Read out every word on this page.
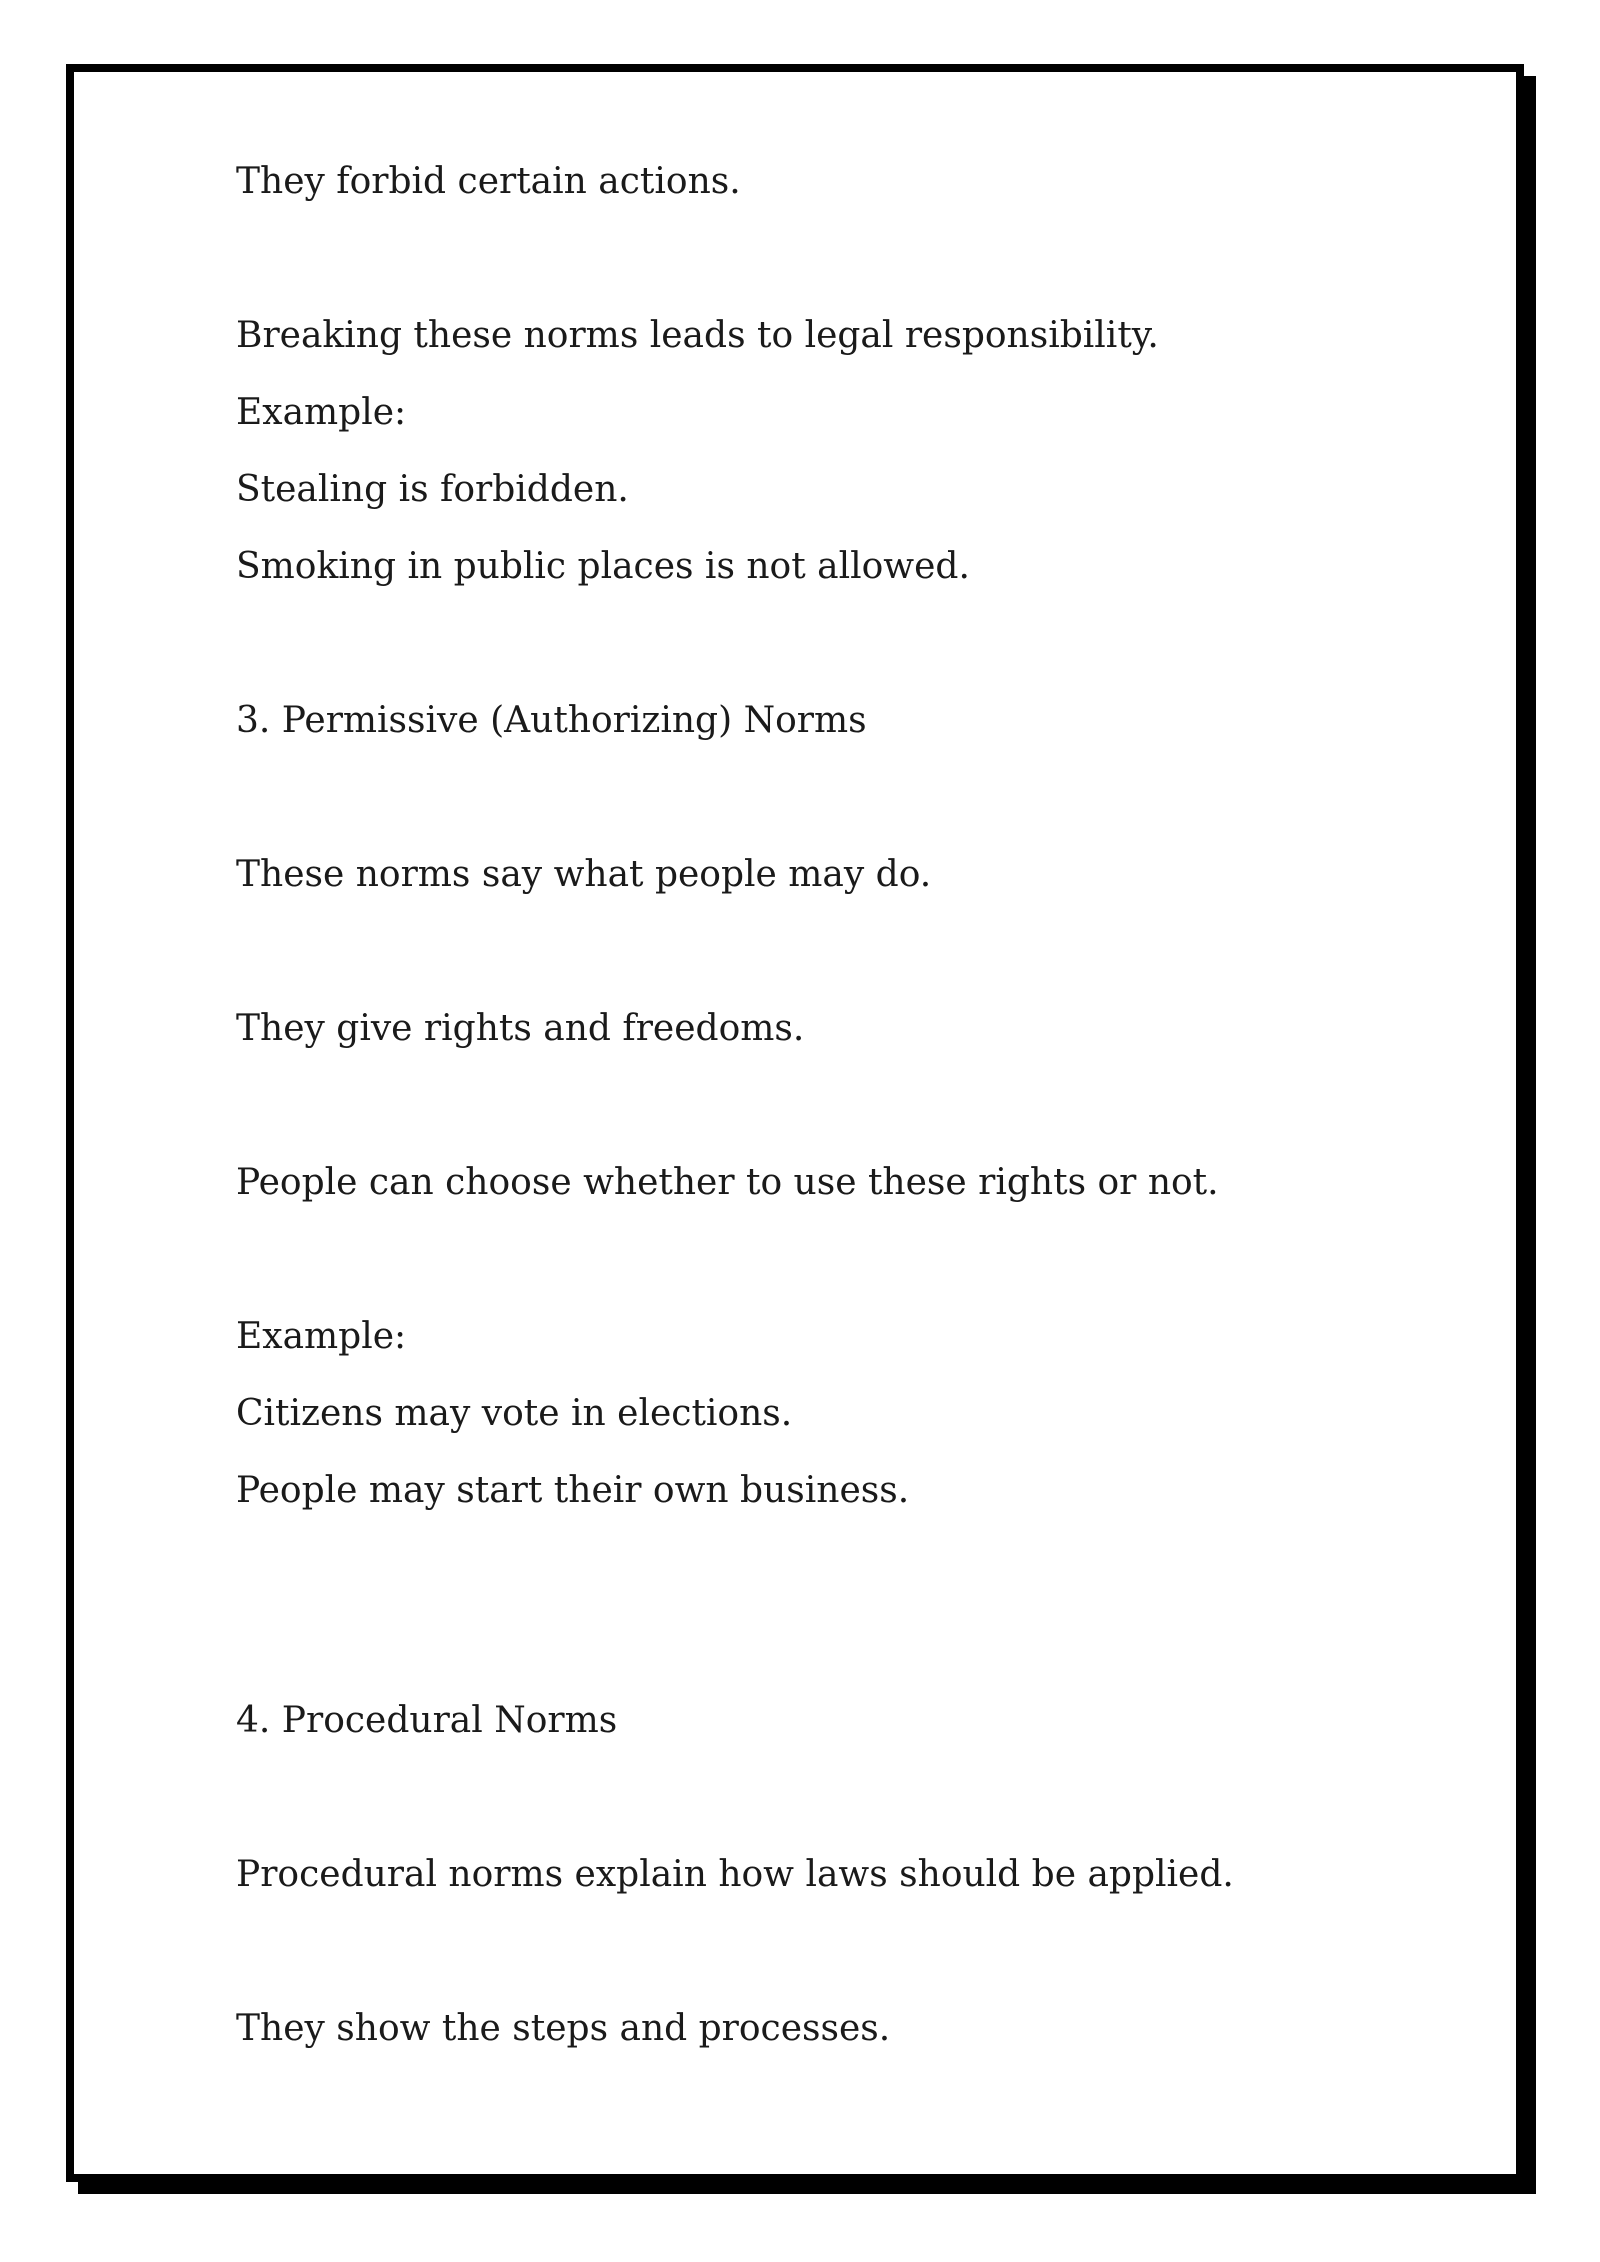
They forbid certain actions.

Breaking these norms leads to legal responsibility.

Example:

Stealing is forbidden.

Smoking in public places is not allowed.

3. Permissive (Authorizing) Norms

These norms say what people may do.

They give rights and freedoms.

People can choose whether to use these rights or not.

Example:

Citizens may vote in elections.

People may start their own business.

4. Procedural Norms

Procedural norms explain how laws should be applied.

They show the steps and processes.
